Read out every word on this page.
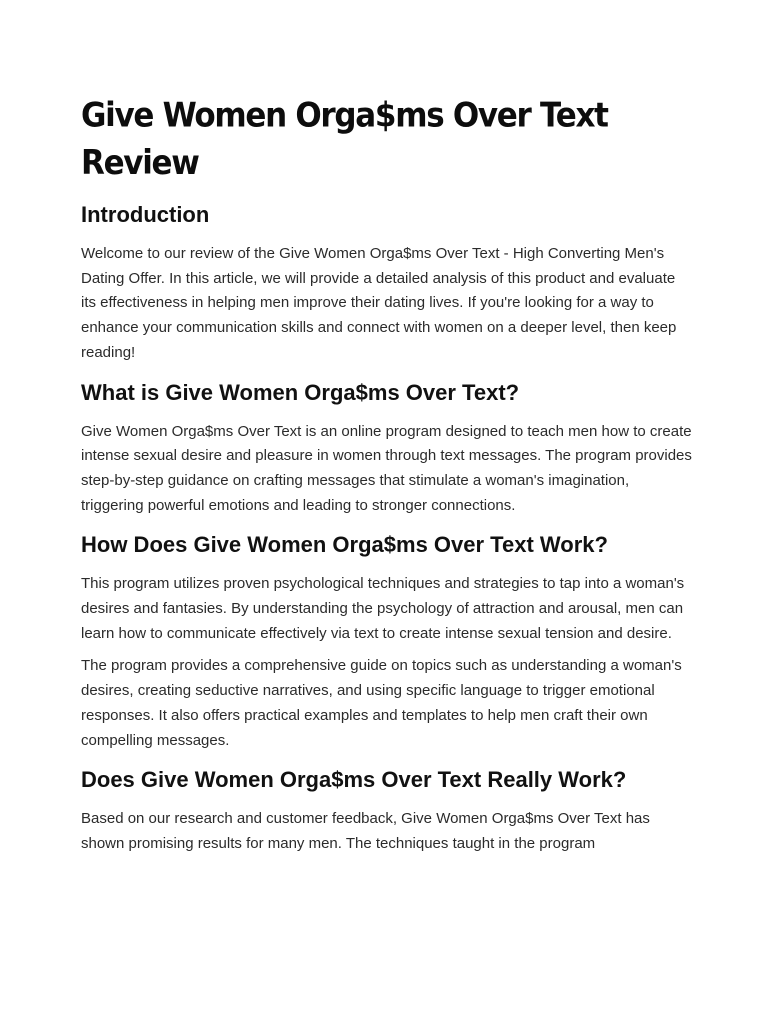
Give Women Orga$ms Over Text Review
Introduction

Welcome to our review of the Give Women Orga$ms Over Text - High Converting Men's Dating Offer. In this article, we will provide a detailed analysis of this product and evaluate its effectiveness in helping men improve their dating lives. If you're looking for a way to enhance your communication skills and connect with women on a deeper level, then keep reading!

What is Give Women Orga$ms Over Text?

Give Women Orga$ms Over Text is an online program designed to teach men how to create intense sexual desire and pleasure in women through text messages. The program provides step-by-step guidance on crafting messages that stimulate a woman's imagination, triggering powerful emotions and leading to stronger connections.

How Does Give Women Orga$ms Over Text Work?

This program utilizes proven psychological techniques and strategies to tap into a woman's desires and fantasies. By understanding the psychology of attraction and arousal, men can learn how to communicate effectively via text to create intense sexual tension and desire.

The program provides a comprehensive guide on topics such as understanding a woman's desires, creating seductive narratives, and using specific language to trigger emotional responses. It also offers practical examples and templates to help men craft their own compelling messages.

Does Give Women Orga$ms Over Text Really Work?

Based on our research and customer feedback, Give Women Orga$ms Over Text has shown promising results for many men. The techniques taught in the program
